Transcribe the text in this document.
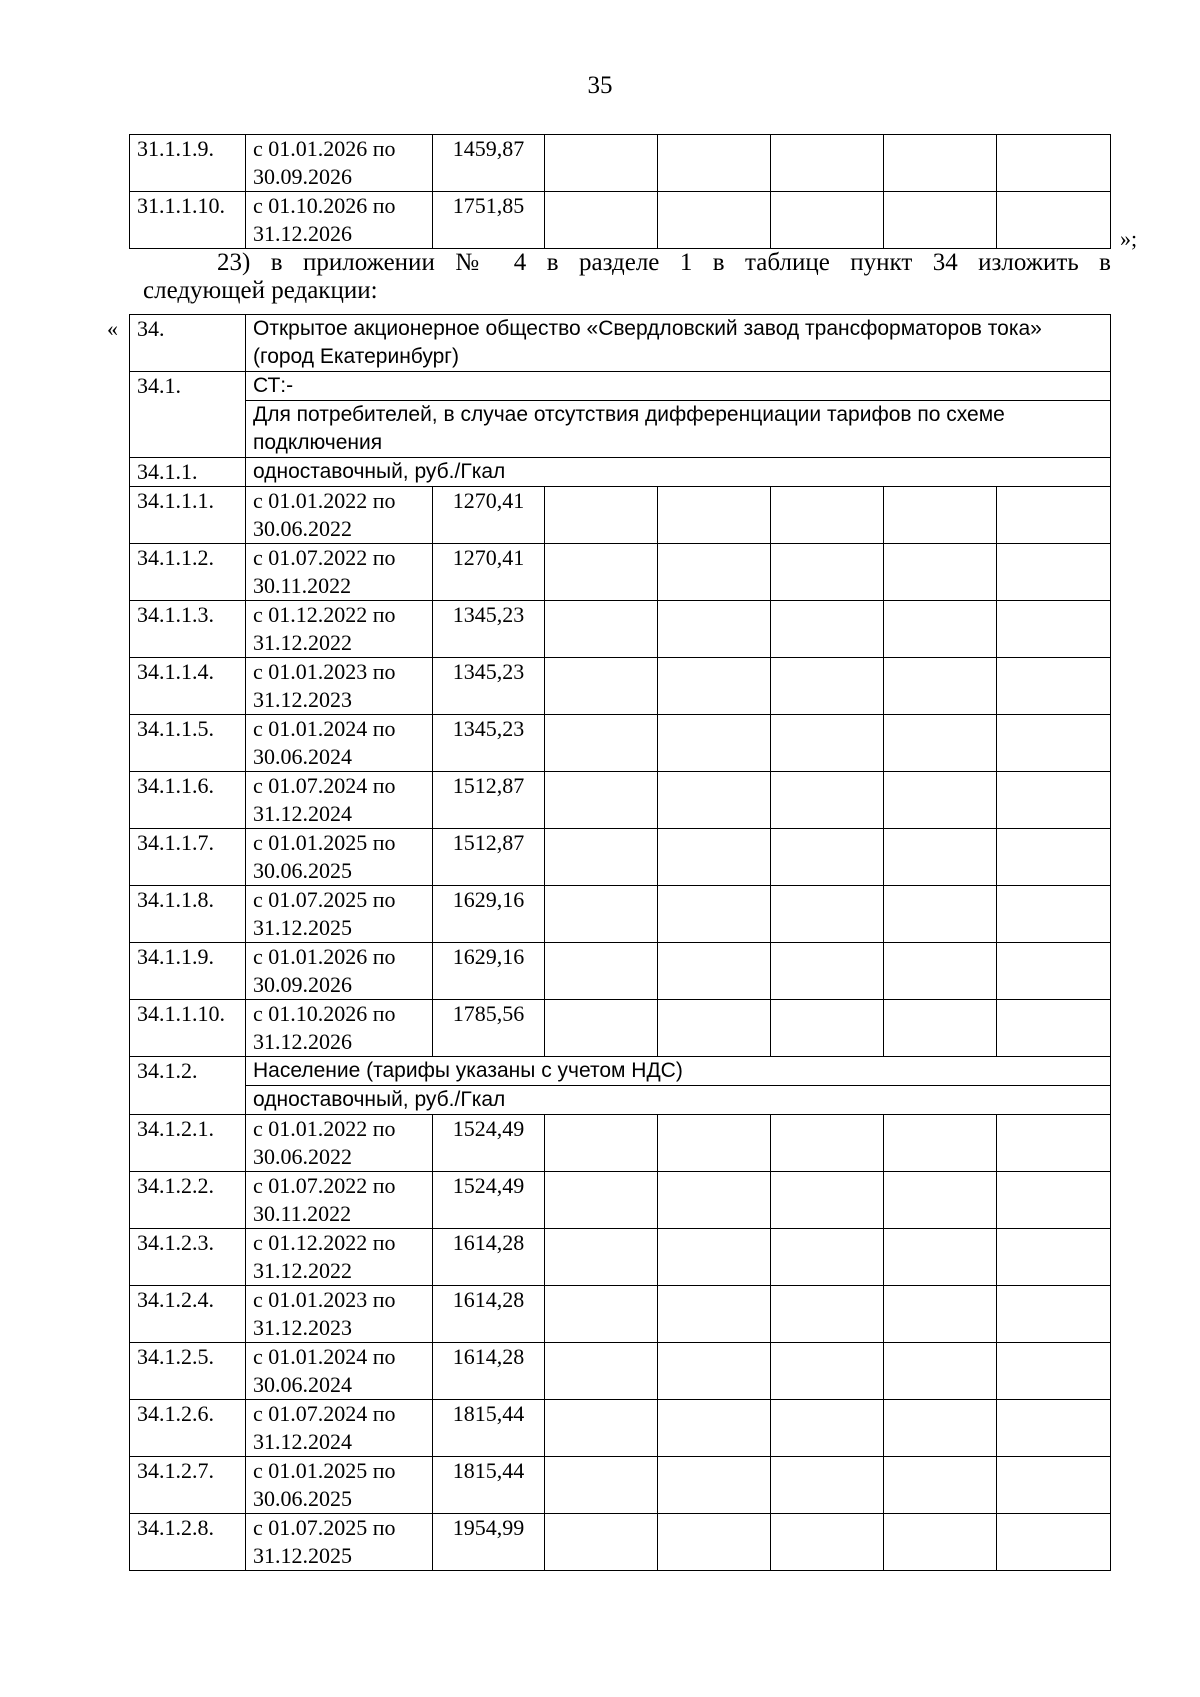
35
31.1.1.9.	с 01.01.2026 по 30.09.2026	1459,87					
31.1.1.10.	с 01.10.2026 по 31.12.2026	1751,85					
»;
23) в приложении № 4 в разделе 1 в таблице пункт 34 изложить в
следующей редакции:
« 34.	Открытое акционерное общество «Свердловский завод трансформаторов тока» (город Екатеринбург)						
34.1.	СТ:-						
	Для потребителей, в случае отсутствия дифференциации тарифов по схеме подключения						
34.1.1.	одноставочный, руб./Гкал						
34.1.1.1.	с 01.01.2022 по 30.06.2022	1270,41					
34.1.1.2.	с 01.07.2022 по 30.11.2022	1270,41					
34.1.1.3.	с 01.12.2022 по 31.12.2022	1345,23					
34.1.1.4.	с 01.01.2023 по 31.12.2023	1345,23					
34.1.1.5.	с 01.01.2024 по 30.06.2024	1345,23					
34.1.1.6.	с 01.07.2024 по 31.12.2024	1512,87					
34.1.1.7.	с 01.01.2025 по 30.06.2025	1512,87					
34.1.1.8.	с 01.07.2025 по 31.12.2025	1629,16					
34.1.1.9.	с 01.01.2026 по 30.09.2026	1629,16					
34.1.1.10.	с 01.10.2026 по 31.12.2026	1785,56					
34.1.2.	Население (тарифы указаны с учетом НДС)						
	одноставочный, руб./Гкал						
34.1.2.1.	с 01.01.2022 по 30.06.2022	1524,49					
34.1.2.2.	с 01.07.2022 по 30.11.2022	1524,49					
34.1.2.3.	с 01.12.2022 по 31.12.2022	1614,28					
34.1.2.4.	с 01.01.2023 по 31.12.2023	1614,28					
34.1.2.5.	с 01.01.2024 по 30.06.2024	1614,28					
34.1.2.6.	с 01.07.2024 по 31.12.2024	1815,44					
34.1.2.7.	с 01.01.2025 по 30.06.2025	1815,44					
34.1.2.8.	с 01.07.2025 по 31.12.2025	1954,99					
